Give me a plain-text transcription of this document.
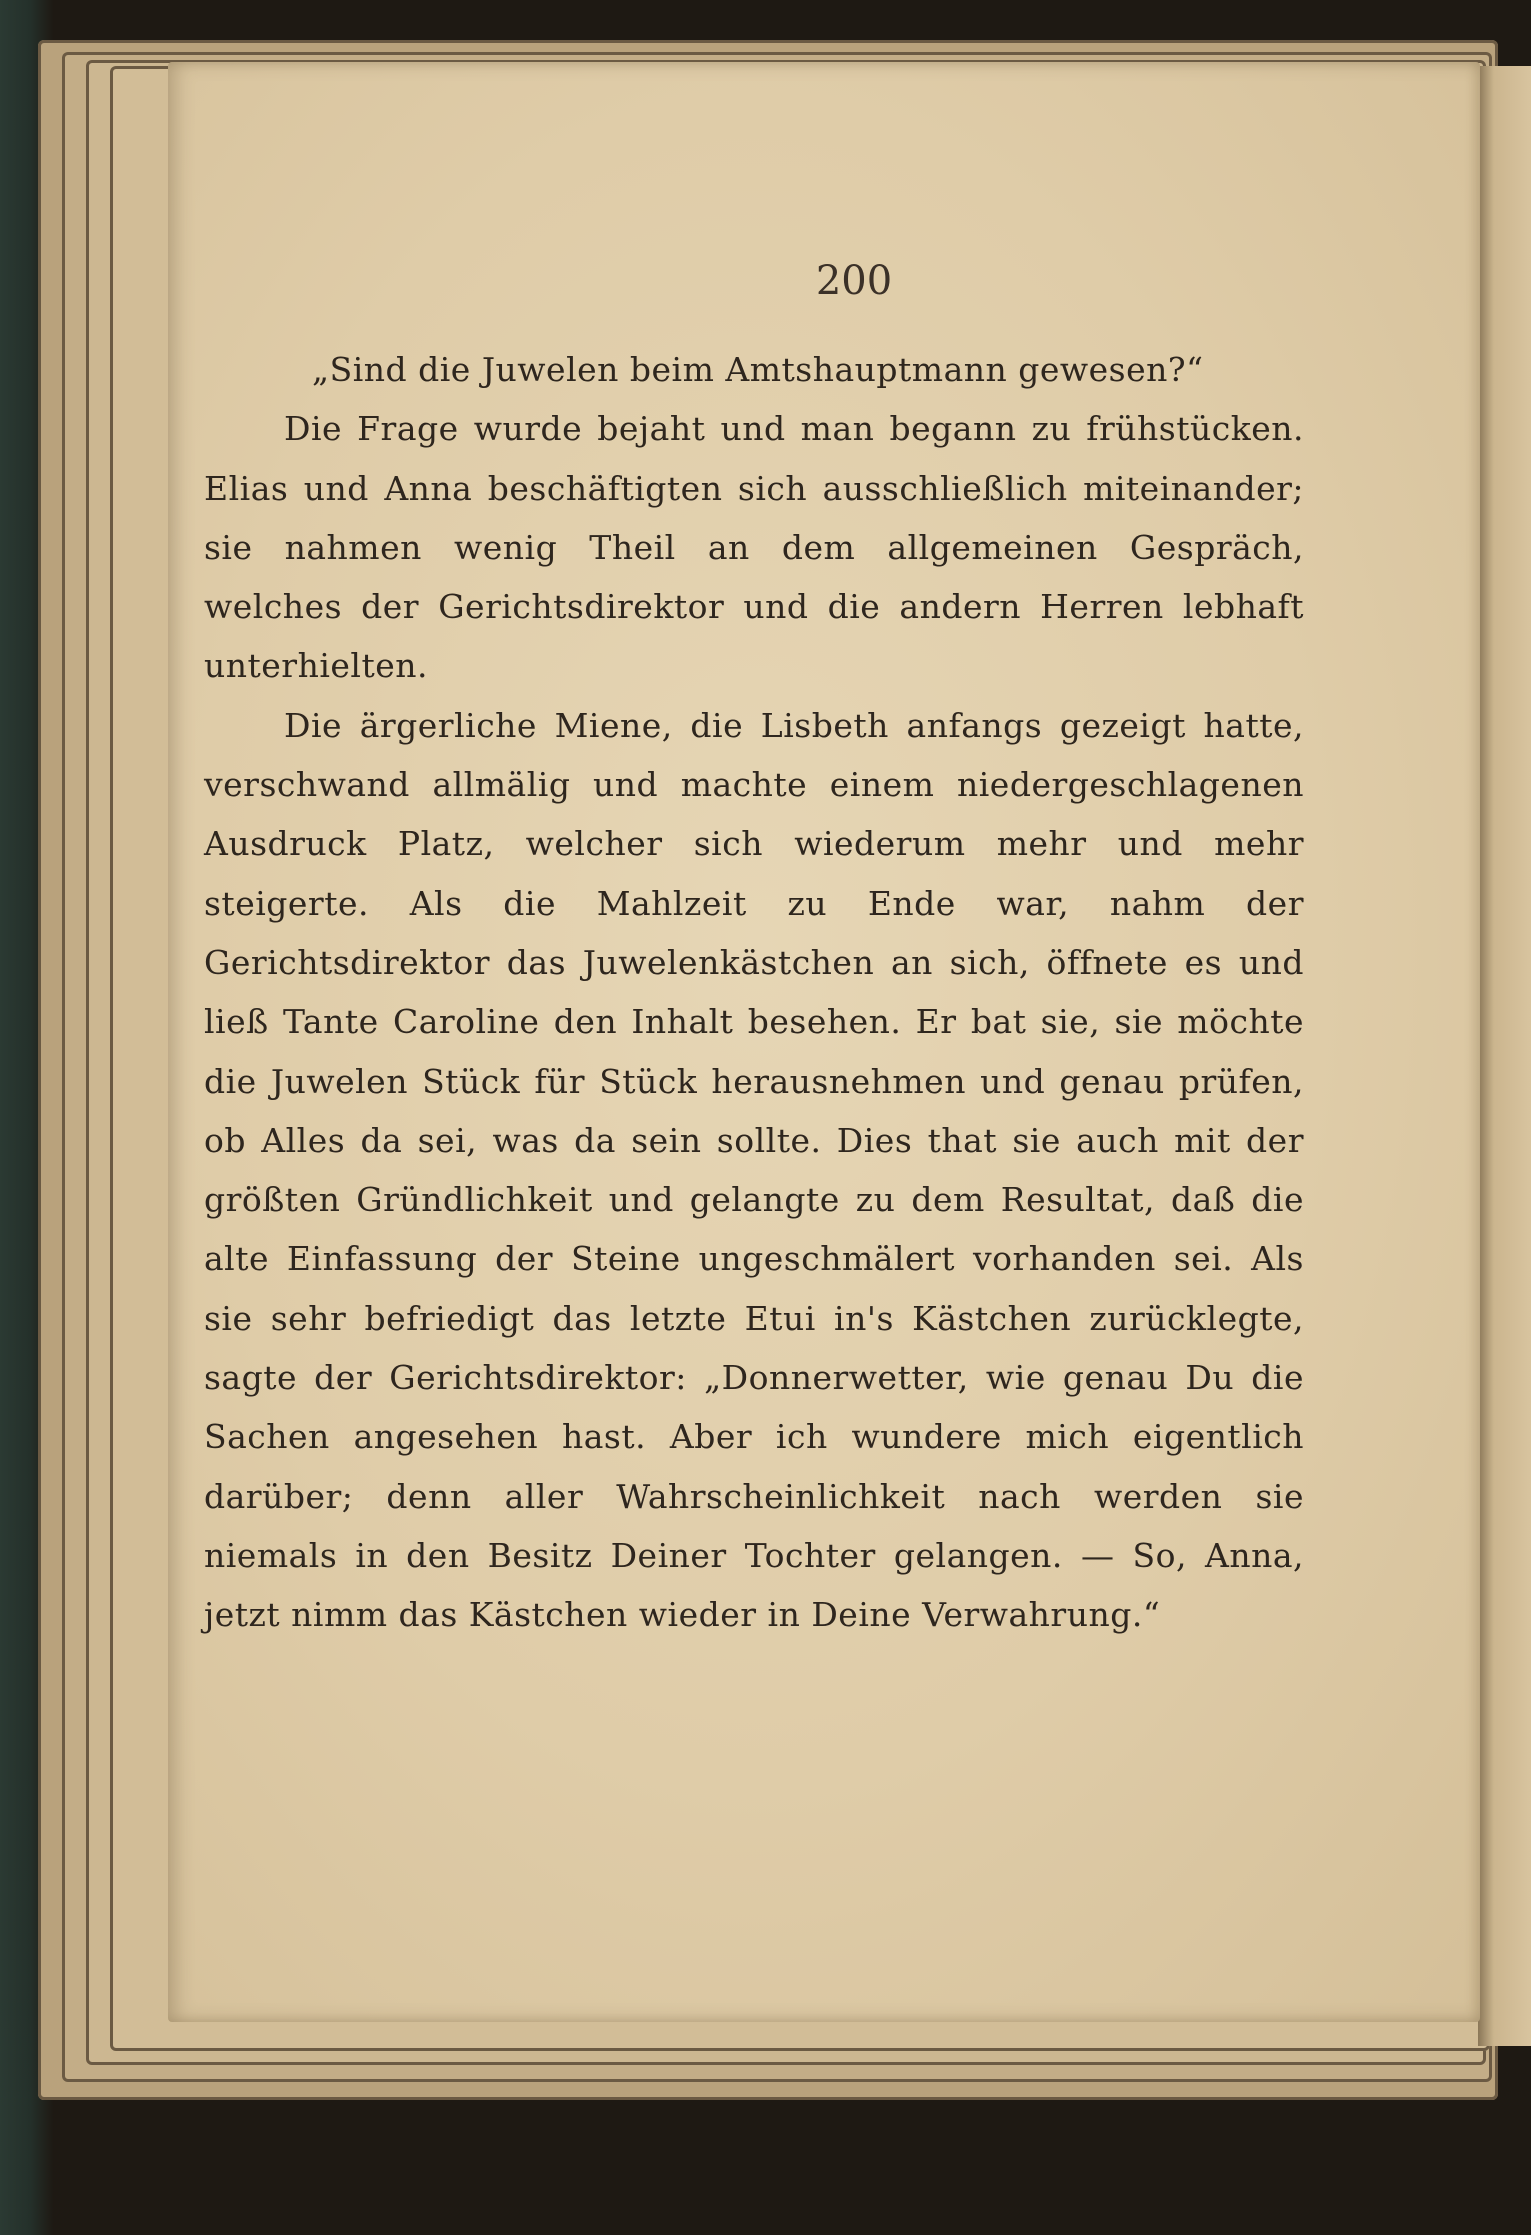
200

„Sind die Juwelen beim Amtshauptmann gewesen?“

Die Frage wurde bejaht und man begann zu frühstücken. Elias und Anna beschäftigten sich ausschließlich miteinander; sie nahmen wenig Theil an dem allgemeinen Gespräch, welches der Gerichtsdirektor und die andern Herren lebhaft unterhielten.

Die ärgerliche Miene, die Lisbeth anfangs gezeigt hatte, verschwand allmälig und machte einem niedergeschlagenen Ausdruck Platz, welcher sich wiederum mehr und mehr steigerte. Als die Mahlzeit zu Ende war, nahm der Gerichtsdirektor das Juwelenkästchen an sich, öffnete es und ließ Tante Caroline den Inhalt besehen. Er bat sie, sie möchte die Juwelen Stück für Stück herausnehmen und genau prüfen, ob Alles da sei, was da sein sollte. Dies that sie auch mit der größten Gründlichkeit und gelangte zu dem Resultat, daß die alte Einfassung der Steine ungeschmälert vorhanden sei. Als sie sehr befriedigt das letzte Etui in's Kästchen zurücklegte, sagte der Gerichtsdirektor: „Donnerwetter, wie genau Du die Sachen angesehen hast. Aber ich wundere mich eigentlich darüber; denn aller Wahrscheinlichkeit nach werden sie niemals in den Besitz Deiner Tochter gelangen. — So, Anna, jetzt nimm das Kästchen wieder in Deine Verwahrung.“
